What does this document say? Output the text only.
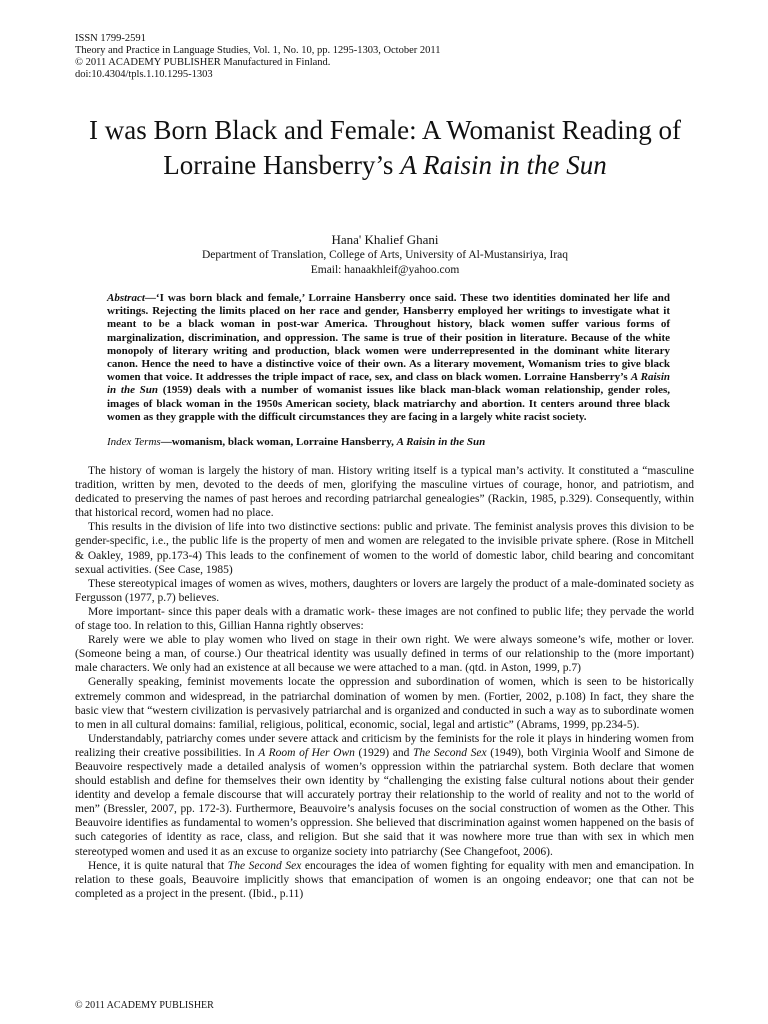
ISSN 1799-2591
Theory and Practice in Language Studies, Vol. 1, No. 10, pp. 1295-1303, October 2011
© 2011 ACADEMY PUBLISHER Manufactured in Finland.
doi:10.4304/tpls.1.10.1295-1303
I was Born Black and Female: A Womanist Reading of Lorraine Hansberry’s A Raisin in the Sun
Hana' Khalief Ghani
Department of Translation, College of Arts, University of Al-Mustansiriya, Iraq
Email: hanaakhleif@yahoo.com
Abstract—‘I was born black and female,’ Lorraine Hansberry once said. These two identities dominated her life and writings. Rejecting the limits placed on her race and gender, Hansberry employed her writings to investigate what it meant to be a black woman in post-war America. Throughout history, black women suffer various forms of marginalization, discrimination, and oppression. The same is true of their position in literature. Because of the white monopoly of literary writing and production, black women were underrepresented in the dominant white literary canon. Hence the need to have a distinctive voice of their own. As a literary movement, Womanism tries to give black women that voice. It addresses the triple impact of race, sex, and class on black women. Lorraine Hansberry’s A Raisin in the Sun (1959) deals with a number of womanist issues like black man-black woman relationship, gender roles, images of black woman in the 1950s American society, black matriarchy and abortion. It centers around three black women as they grapple with the difficult circumstances they are facing in a largely white racist society.
Index Terms—womanism, black woman, Lorraine Hansberry, A Raisin in the Sun

The history of woman is largely the history of man. History writing itself is a typical man’s activity. It constituted a “masculine tradition, written by men, devoted to the deeds of men, glorifying the masculine virtues of courage, honor, and patriotism, and dedicated to preserving the names of past heroes and recording patriarchal genealogies” (Rackin, 1985, p.329). Consequently, within that historical record, women had no place.

This results in the division of life into two distinctive sections: public and private. The feminist analysis proves this division to be gender-specific, i.e., the public life is the property of men and women are relegated to the invisible private sphere. (Rose in Mitchell & Oakley, 1989, pp.173-4) This leads to the confinement of women to the world of domestic labor, child bearing and concomitant sexual activities. (See Case, 1985)

These stereotypical images of women as wives, mothers, daughters or lovers are largely the product of a male-dominated society as Fergusson (1977, p.7) believes.

More important- since this paper deals with a dramatic work- these images are not confined to public life; they pervade the world of stage too. In relation to this, Gillian Hanna rightly observes:

Rarely were we able to play women who lived on stage in their own right. We were always someone’s wife, mother or lover. (Someone being a man, of course.) Our theatrical identity was usually defined in terms of our relationship to the (more important) male characters. We only had an existence at all because we were attached to a man. (qtd. in Aston, 1999, p.7)

Generally speaking, feminist movements locate the oppression and subordination of women, which is seen to be historically extremely common and widespread, in the patriarchal domination of women by men. (Fortier, 2002, p.108) In fact, they share the basic view that “western civilization is pervasively patriarchal and is organized and conducted in such a way as to subordinate women to men in all cultural domains: familial, religious, political, economic, social, legal and artistic” (Abrams, 1999, pp.234-5).

Understandably, patriarchy comes under severe attack and criticism by the feminists for the role it plays in hindering women from realizing their creative possibilities. In A Room of Her Own (1929) and The Second Sex (1949), both Virginia Woolf and Simone de Beauvoire respectively made a detailed analysis of women’s oppression within the patriarchal system. Both declare that women should establish and define for themselves their own identity by “challenging the existing false cultural notions about their gender identity and develop a female discourse that will accurately portray their relationship to the world of reality and not to the world of men” (Bressler, 2007, pp. 172-3). Furthermore, Beauvoire’s analysis focuses on the social construction of women as the Other. This Beauvoire identifies as fundamental to women’s oppression. She believed that discrimination against women happened on the basis of such categories of identity as race, class, and religion. But she said that it was nowhere more true than with sex in which men stereotyped women and used it as an excuse to organize society into patriarchy (See Changefoot, 2006).

Hence, it is quite natural that The Second Sex encourages the idea of women fighting for equality with men and emancipation. In relation to these goals, Beauvoire implicitly shows that emancipation of women is an ongoing endeavor; one that can not be completed as a project in the present. (Ibid., p.11)

© 2011 ACADEMY PUBLISHER
